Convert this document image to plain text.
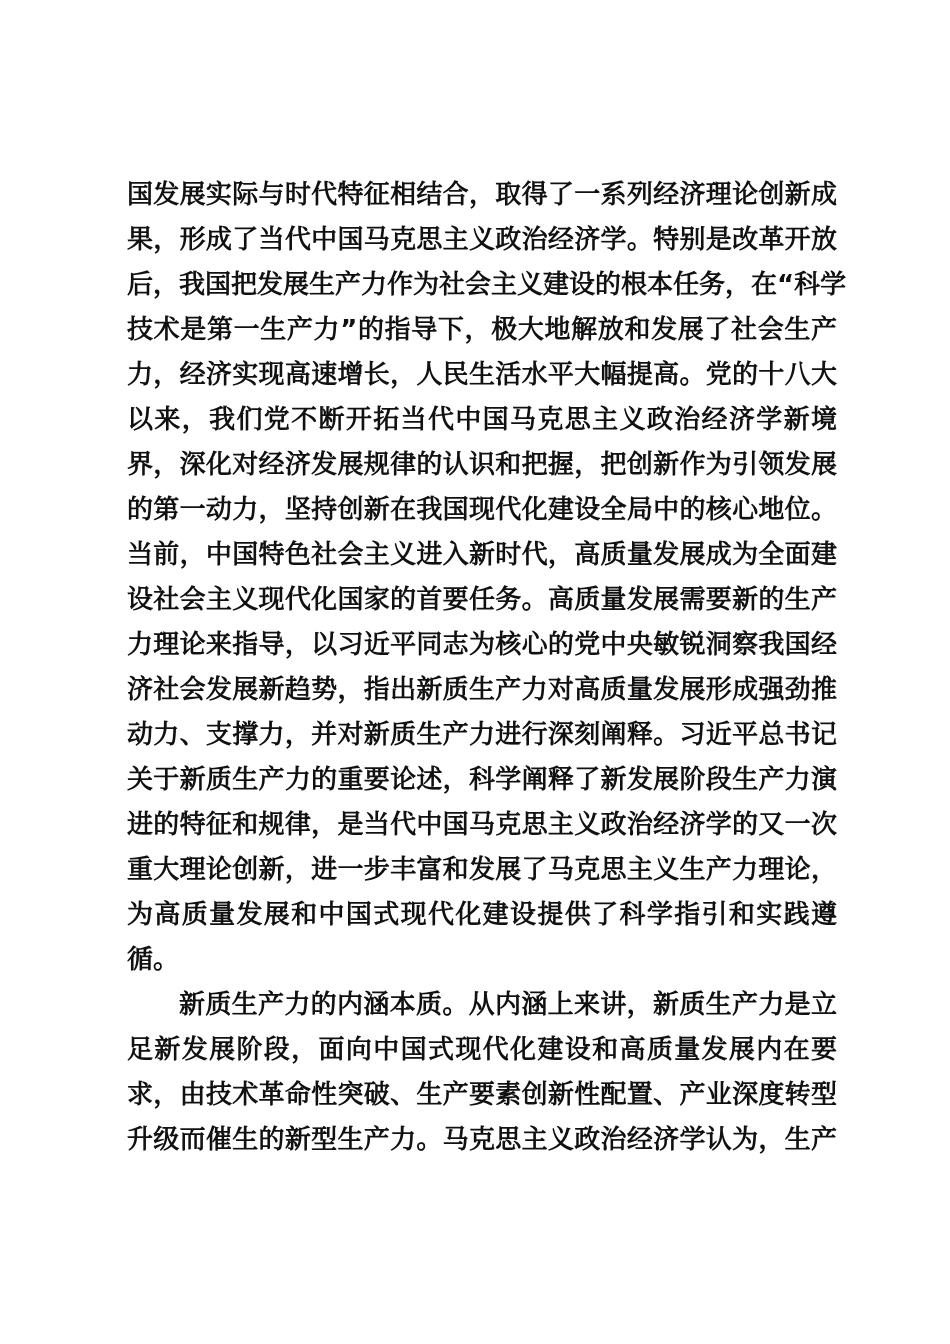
国发展实际与时代特征相结合，取得了一系列经济理论创新成
果，形成了当代中国马克思主义政治经济学。特别是改革开放
后，我国把发展生产力作为社会主义建设的根本任务，在“科学
技术是第一生产力”的指导下，极大地解放和发展了社会生产
力，经济实现高速增长，人民生活水平大幅提高。党的十八大
以来，我们党不断开拓当代中国马克思主义政治经济学新境
界，深化对经济发展规律的认识和把握，把创新作为引领发展
的第一动力，坚持创新在我国现代化建设全局中的核心地位。
当前，中国特色社会主义进入新时代，高质量发展成为全面建
设社会主义现代化国家的首要任务。高质量发展需要新的生产
力理论来指导，以习近平同志为核心的党中央敏锐洞察我国经
济社会发展新趋势，指出新质生产力对高质量发展形成强劲推
动力、支撑力，并对新质生产力进行深刻阐释。习近平总书记
关于新质生产力的重要论述，科学阐释了新发展阶段生产力演
进的特征和规律，是当代中国马克思主义政治经济学的又一次
重大理论创新，进一步丰富和发展了马克思主义生产力理论，
为高质量发展和中国式现代化建设提供了科学指引和实践遵
循。
新质生产力的内涵本质。从内涵上来讲，新质生产力是立
足新发展阶段，面向中国式现代化建设和高质量发展内在要
求，由技术革命性突破、生产要素创新性配置、产业深度转型
升级而催生的新型生产力。马克思主义政治经济学认为，生产
